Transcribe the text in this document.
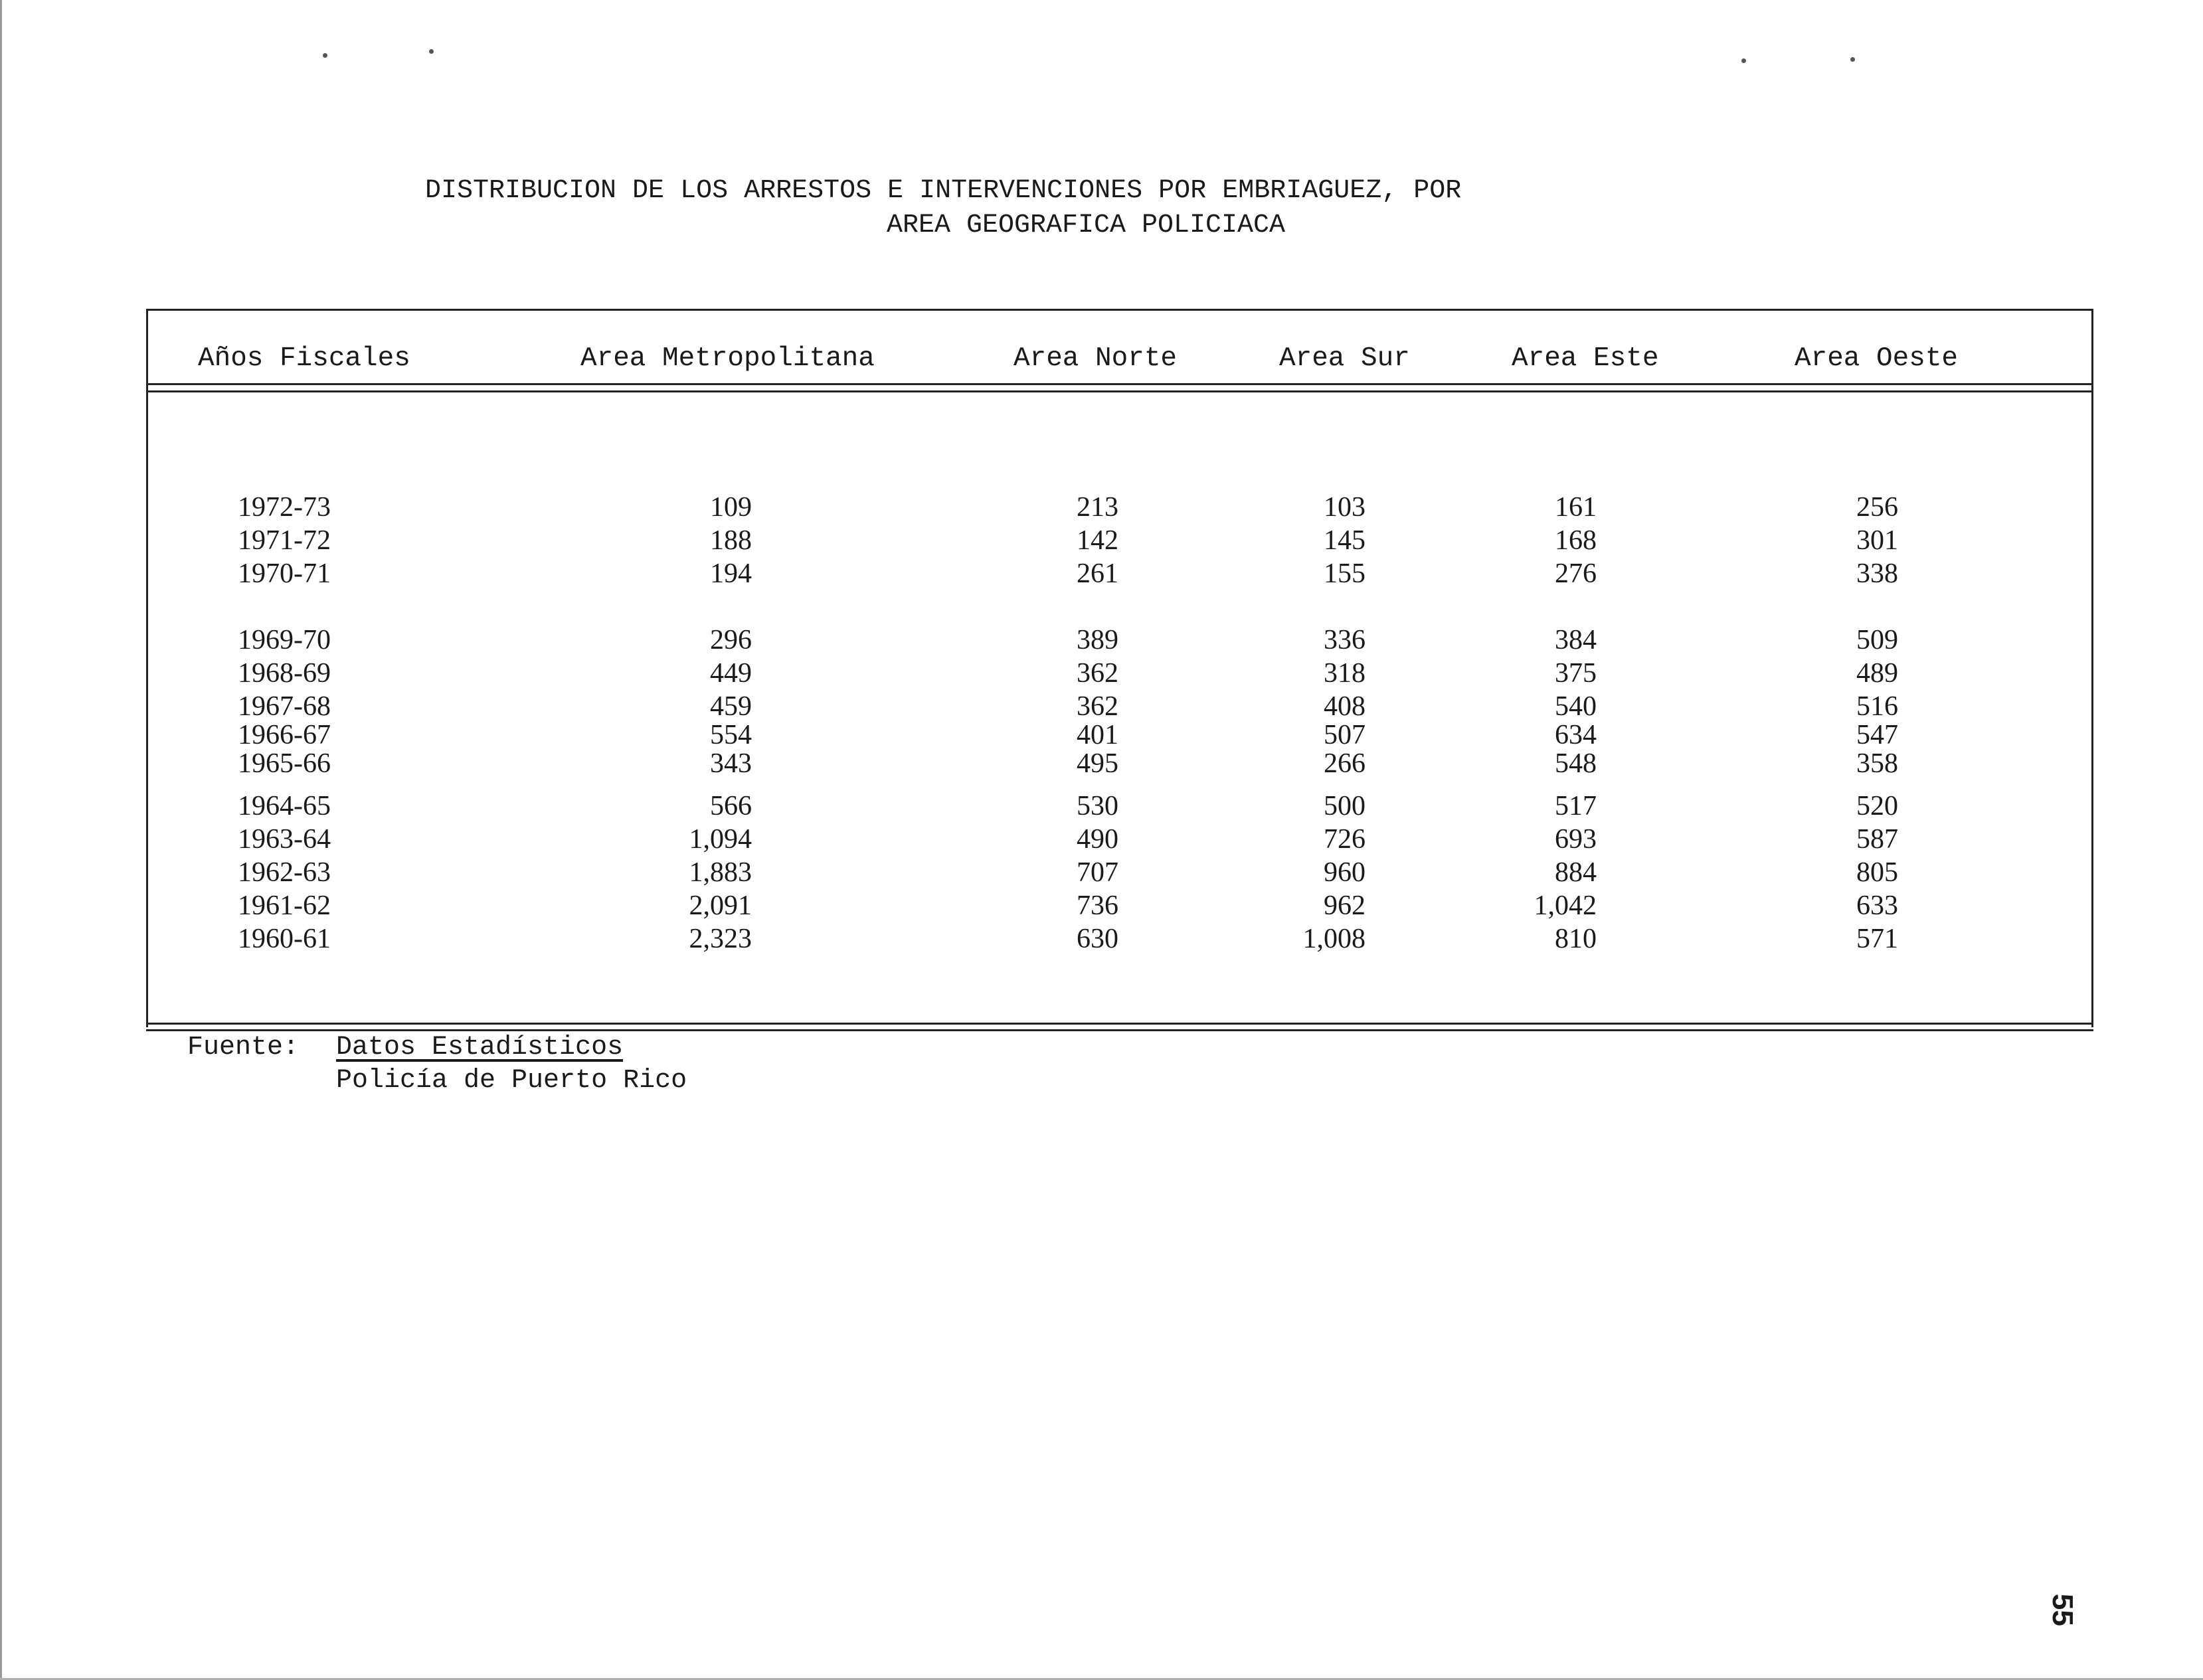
DISTRIBUCION DE LOS ARRESTOS E INTERVENCIONES POR EMBRIAGUEZ, POR
AREA GEOGRAFICA POLICIACA
Años Fiscales	Area Metropolitana	Area Norte	Area Sur	Area Este	Area Oeste
1972-73	109	213	103	161	256
1971-72	188	142	145	168	301
1970-71	194	261	155	276	338
1969-70	296	389	336	384	509
1968-69	449	362	318	375	489
1967-68	459	362	408	540	516
1966-67	554	401	507	634	547
1965-66	343	495	266	548	358
1964-65	566	530	500	517	520
1963-64	1,094	490	726	693	587
1962-63	1,883	707	960	884	805
1961-62	2,091	736	962	1,042	633
1960-61	2,323	630	1,008	810	571
Fuente: Datos Estadísticos
Policía de Puerto Rico
55
